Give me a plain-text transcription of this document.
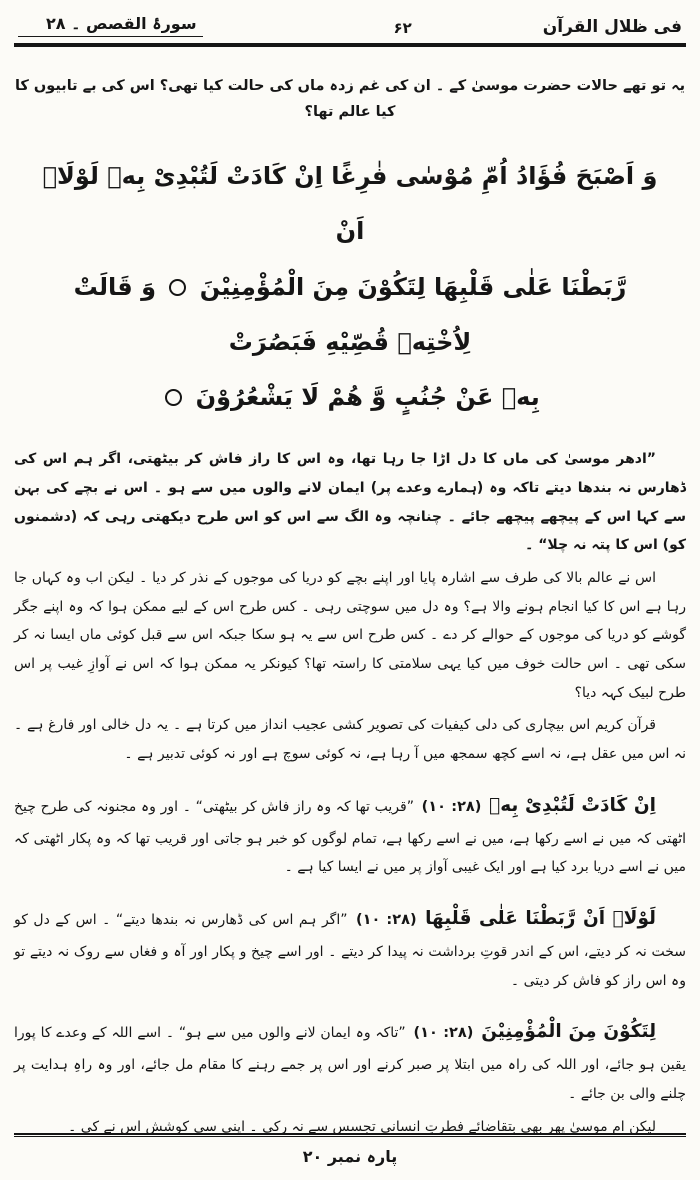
فی ظلال القرآن
۶۲
سورۂ القصص ۔ ۲۸
یہ تو تھے حالات حضرت موسیٰ کے ۔ ان کی غم زدہ ماں کی حالت کیا تھی؟ اس کی بے تابیوں کا کیا عالم تھا؟
وَ اَصْبَحَ فُؤَادُ اُمِّ مُوْسٰی فٰرِغًا اِنْ کَادَتْ لَتُبْدِیْ بِهٖ لَوْلَاۤ اَنْ
رَّبَطْنَا عَلٰی قَلْبِهَا لِتَکُوْنَ مِنَ الْمُؤْمِنِیْنَ  وَ قَالَتْ لِاُخْتِهٖ قُصِّیْهِ فَبَصُرَتْ
بِهٖ عَنْ جُنُبٍ وَّ هُمْ لَا یَشْعُرُوْنَ

”ادھر موسیٰ کی ماں کا دل اڑا جا رہا تھا، وہ اس کا راز فاش کر بیٹھتی، اگر ہم اس کی ڈھارس نہ بندھا دیتے تاکہ وہ (ہمارے وعدے پر) ایمان لانے والوں میں سے ہو ۔ اس نے بچے کی بہن سے کہا اس کے پیچھے پیچھے جائے ۔ چنانچہ وہ الگ سے اس کو اس طرح دیکھتی رہی کہ (دشمنوں کو) اس کا پتہ نہ چلا“ ۔

اس نے عالم بالا کی طرف سے اشارہ پایا اور اپنے بچے کو دریا کی موجوں کے نذر کر دیا ۔ لیکن اب وہ کہاں جا رہا ہے اس کا کیا انجام ہونے والا ہے؟ وہ دل میں سوچتی رہی ۔ کس طرح اس کے لیے ممکن ہوا کہ وہ اپنے جگر گوشے کو دریا کی موجوں کے حوالے کر دے ۔ کس طرح اس سے یہ ہو سکا جبکہ اس سے قبل کوئی ماں ایسا نہ کر سکی تھی ۔ اس حالت خوف میں کیا یہی سلامتی کا راستہ تھا؟ کیونکر یہ ممکن ہوا کہ اس نے آوازِ غیب پر اس طرح لبیک کہہ دیا؟

قرآن کریم اس بیچاری کی دلی کیفیات کی تصویر کشی عجیب انداز میں کرتا ہے ۔ یہ دل خالی اور فارغ ہے ۔ نہ اس میں عقل ہے، نہ اسے کچھ سمجھ میں آ رہا ہے، نہ کوئی سوچ ہے اور نہ کوئی تدبیر ہے ۔

اِنْ کَادَتْ لَتُبْدِیْ بِهٖ (۲۸: ۱۰) ”قریب تھا کہ وہ راز فاش کر بیٹھتی“ ۔ اور وہ مجنونہ کی طرح چیخ اٹھتی کہ میں نے اسے رکھا ہے، میں نے اسے رکھا ہے، تمام لوگوں کو خبر ہو جاتی اور قریب تھا کہ وہ پکار اٹھتی کہ میں نے اسے دریا برد کیا ہے اور ایک غیبی آواز پر میں نے ایسا کیا ہے ۔

لَوْلَاۤ اَنْ رَّبَطْنَا عَلٰی قَلْبِهَا (۲۸: ۱۰) ”اگر ہم اس کی ڈھارس نہ بندھا دیتے“ ۔ اس کے دل کو سخت نہ کر دیتے، اس کے اندر قوتِ برداشت نہ پیدا کر دیتے ۔ اور اسے چیخ و پکار اور آہ و فغاں سے روک نہ دیتے تو وہ اس راز کو فاش کر دیتی ۔

لِتَکُوْنَ مِنَ الْمُؤْمِنِیْنَ (۲۸: ۱۰) ”تاکہ وہ ایمان لانے والوں میں سے ہو“ ۔ اسے اللہ کے وعدے کا پورا یقین ہو جائے، اور اللہ کی راہ میں ابتلا پر صبر کرنے اور اس پر جمے رہنے کا مقام مل جائے، اور وہ راہِ ہدایت پر چلنے والی بن جائے ۔

لیکن ام موسیٰ پھر بھی بتقاضائے فطرتِ انسانی تجسس سے نہ رکی ۔ اپنی سی کوشش اس نے کی ۔

پارہ نمبر ۲۰
